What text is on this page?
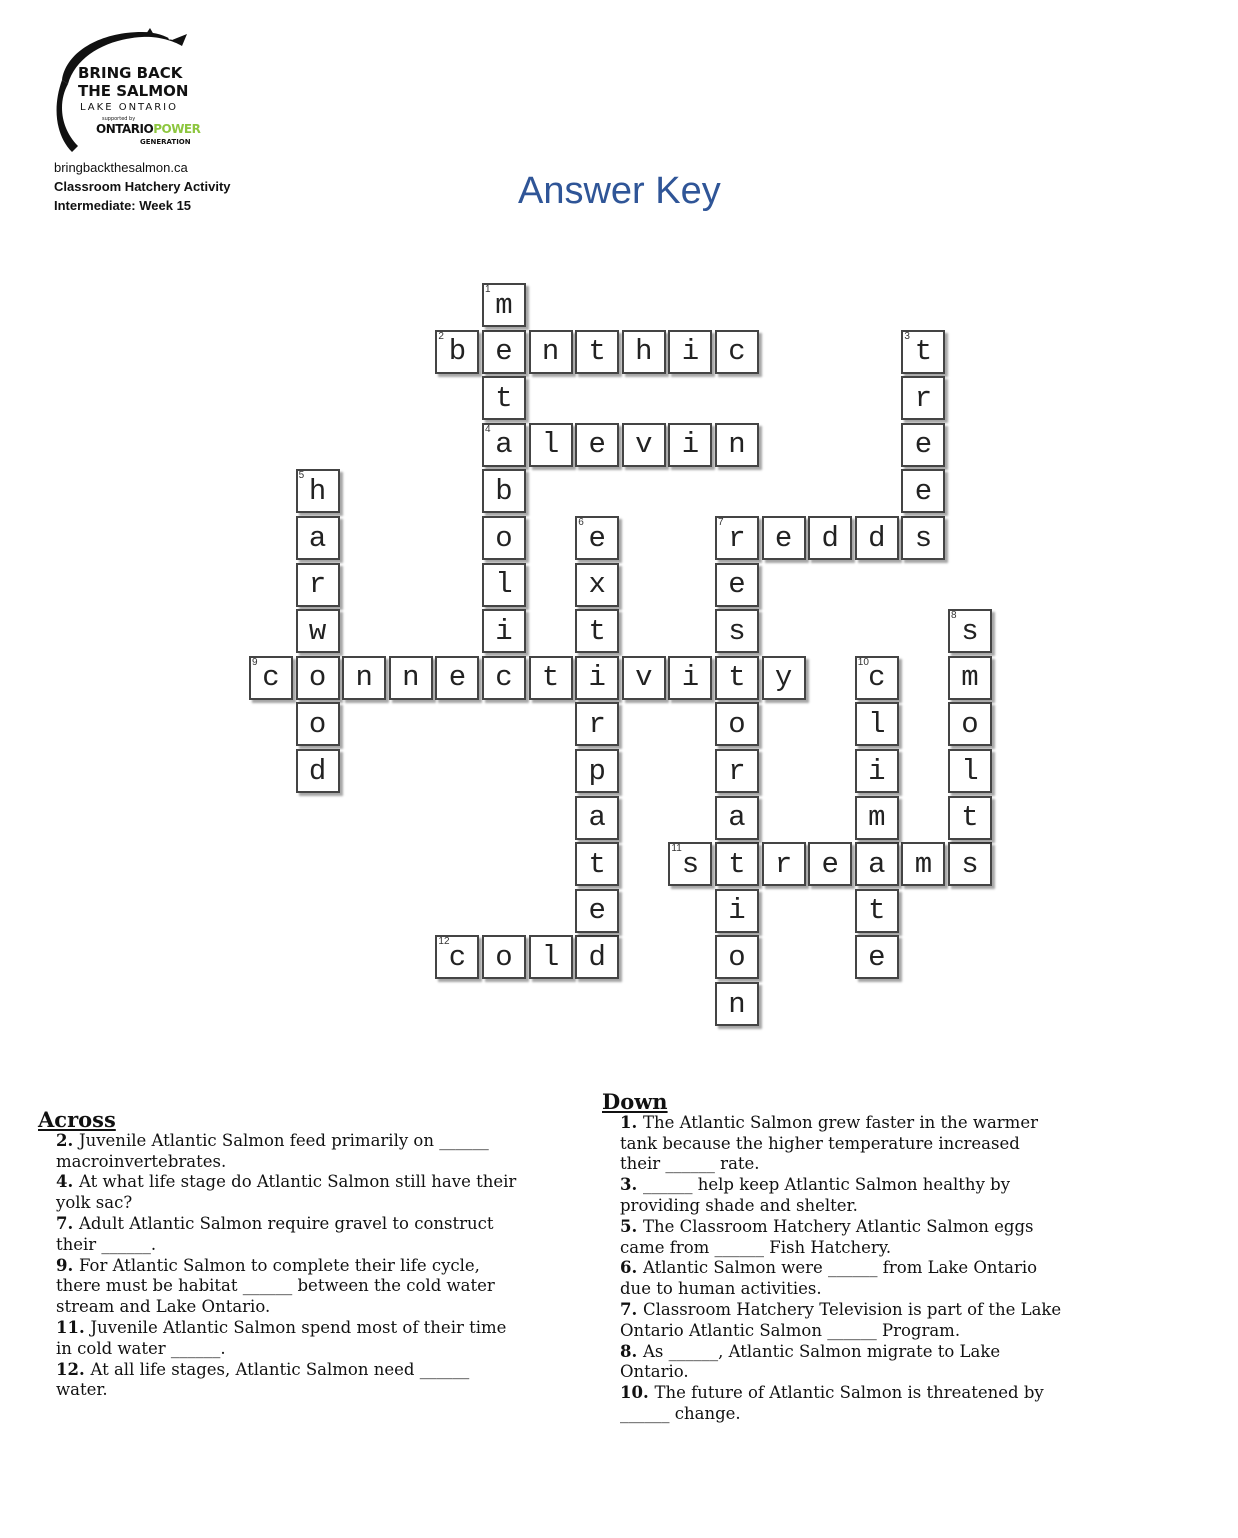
BRING BACK
THE SALMON
LAKE ONTARIO
supported by
ONTARIOPOWER
GENERATION
bringbackthesalmon.ca
Classroom Hatchery Activity
Intermediate: Week 15	Answer Key
2 b	e	n	t	h	i	c
4 a	l	e	v	i	n
7 r	e	d	d	s
9 c	o	n	n	e	c	t	i	v	i	t	y
11 s	t	r	e	a	m	s
12 c	o	l	d
1 m
t
b
o
l
i
3 t
r
e
e
5 h
a
r
w
o
d
6 e
x
t
r
p
a
t
e
e
s
o
r
a
i
o
n
8 s
m
o
l
t
10 c
l
i
m
t
e
Across
2. Juvenile Atlantic Salmon feed primarily on ______ macroinvertebrates.
4. At what life stage do Atlantic Salmon still have their yolk sac?
7. Adult Atlantic Salmon require gravel to construct their ______.
9. For Atlantic Salmon to complete their life cycle, there must be habitat ______ between the cold water stream and Lake Ontario.
11. Juvenile Atlantic Salmon spend most of their time in cold water ______.
12. At all life stages, Atlantic Salmon need ______ water.
Down
1. The Atlantic Salmon grew faster in the warmer tank because the higher temperature increased their ______ rate.
3. ______ help keep Atlantic Salmon healthy by providing shade and shelter.
5. The Classroom Hatchery Atlantic Salmon eggs came from ______ Fish Hatchery.
6. Atlantic Salmon were ______ from Lake Ontario due to human activities.
7. Classroom Hatchery Television is part of the Lake Ontario Atlantic Salmon ______ Program.
8. As ______, Atlantic Salmon migrate to Lake Ontario.
10. The future of Atlantic Salmon is threatened by ______ change.
